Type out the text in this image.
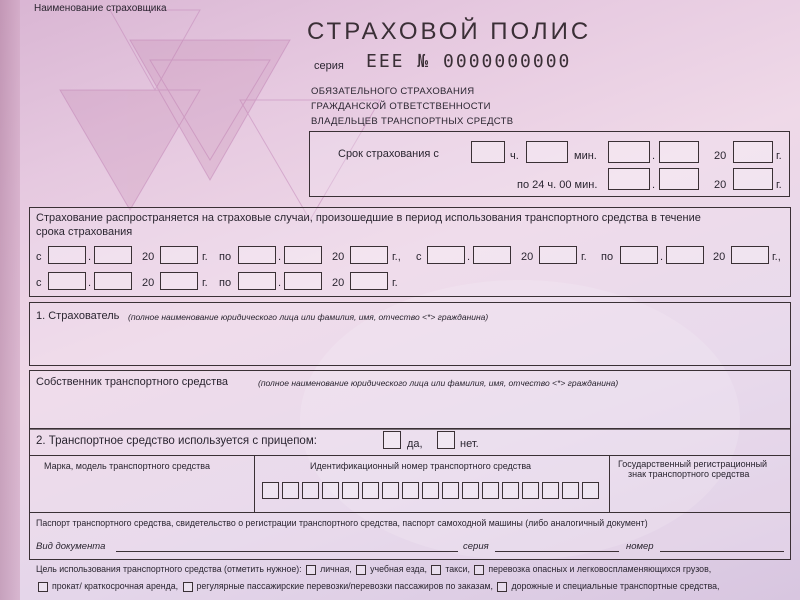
Наименование страховщика
СТРАХОВОЙ ПОЛИС
серия ЕЕЕ № 0000000000
ОБЯЗАТЕЛЬНОГО СТРАХОВАНИЯ
ГРАЖДАНСКОЙ ОТВЕТСТВЕННОСТИ
ВЛАДЕЛЬЦЕВ ТРАНСПОРТНЫХ СРЕДСТВ
Срок страхования с	ч.	мин.	.	20	г.
по 24 ч. 00 мин.	.	20	г.
Страхование распространяется на страховые случаи, произошедшие в период использования транспортного средства в течение
срока страхования
с	.	20	г. по	.	20	г., с	.	20	г. по	.	20	г.,
с	.	20	г. по	.	20	г.
1. Страхователь (полное наименование юридического лица или фамилия, имя, отчество <*> гражданина)
Собственник транспортного средства	(полное наименование юридического лица или фамилия, имя, отчество <*> гражданина)
2. Транспортное средство используется с прицепом:	да,	нет.
Марка, модель транспортного средства	Идентификационный номер транспортного средства	Государственный регистрационный
знак транспортного средства
Паспорт транспортного средства, свидетельство о регистрации транспортного средства, паспорт самоходной машины (либо аналогичный документ)
Вид документа	серия	номер
Цель использования транспортного средства (отметить нужное): личная, учебная езда, такси, перевозка опасных и легковоспламеняющихся грузов,
прокат/ краткосрочная аренда, регулярные пассажирские перевозки/перевозки пассажиров по заказам, дорожные и специальные транспортные средства,
